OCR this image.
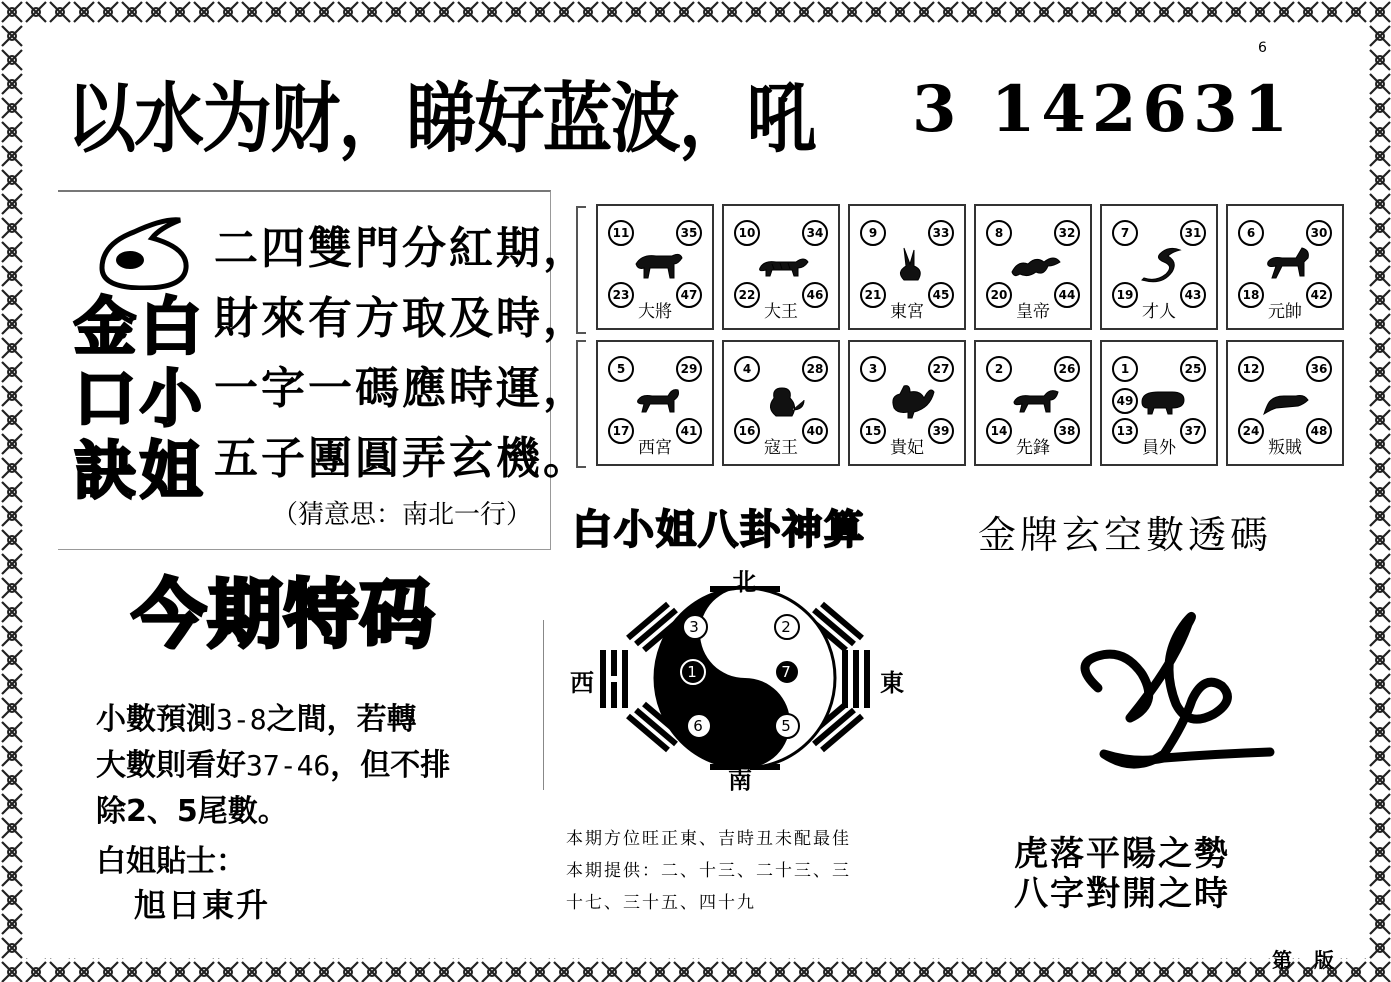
以水为财，睇好蓝波，吼 3 142631
6
金 白
口 小
訣 姐
二四雙門分紅期，
財來有方取及時，
一字一碼應時運，
五子團圓弄玄機。
（猜意思：南北一行）
11	35
23	47
大將
10	34
22	46
大王
9	33
21	45
東宮
8	32
20	44
皇帝
7	31
19	43
才人
6	30
18	42
元帥
5	29
17	41
西宮
4	28
16	40
寇王
3	27
15	39
貴妃
2	26
14	38
先鋒
1	25
13	37
49
員外
12	36
24	48
叛賊
白小姐八卦神算	金牌玄空數透碼
3	2
1	7
6	5
北
南
西	東
本期方位旺正東、吉時丑未配最佳
本期提供：二、十三、二十三、三
十七、三十五、四十九
今期特码
小數預測3-8之間，若轉
大數則看好37-46，但不排
除2、5尾數。
白姐貼士：
旭日東升
虎落平陽之勢
八字對開之時
第 版
